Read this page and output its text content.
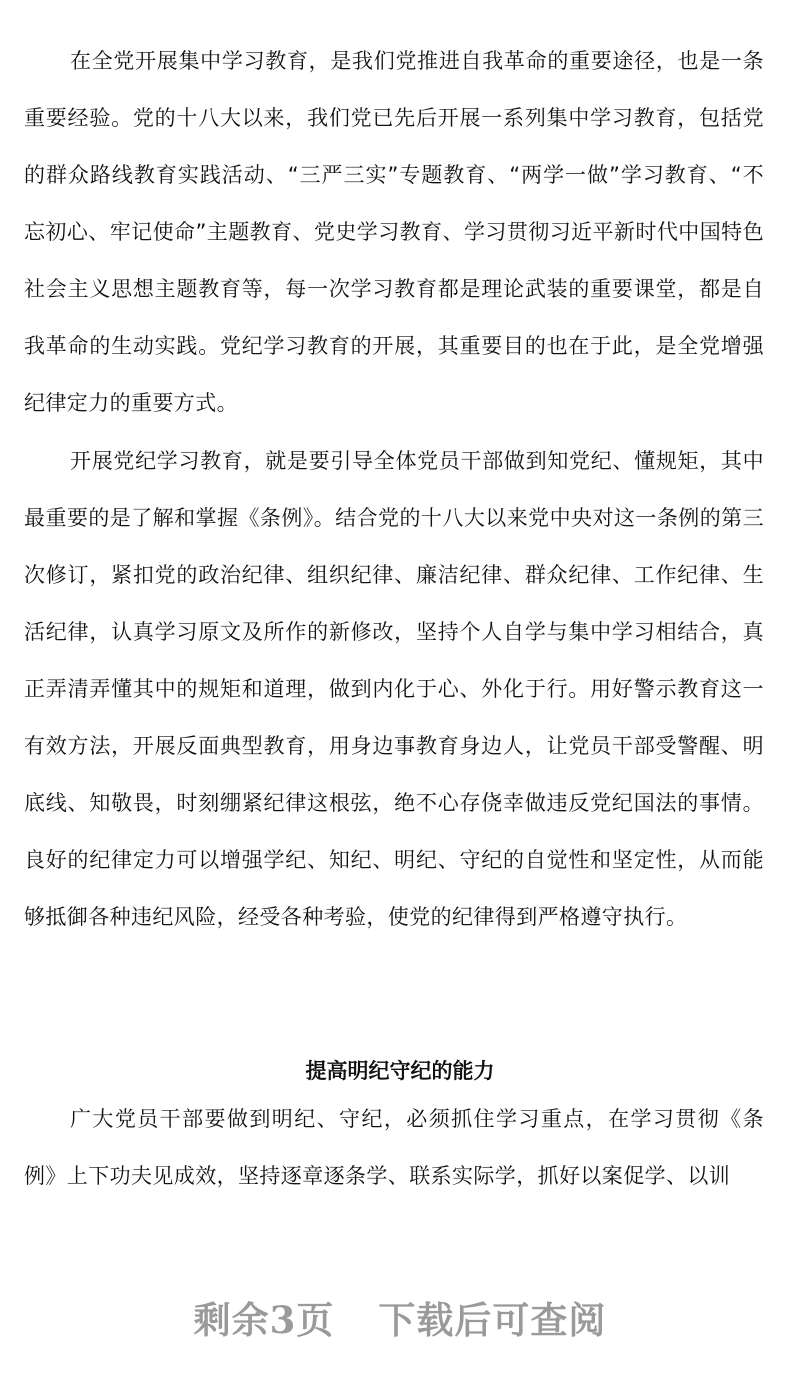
在全党开展集中学习教育，是我们党推进自我革命的重要途径，也是一条重要经验。党的十八大以来，我们党已先后开展一系列集中学习教育，包括党的群众路线教育实践活动、“三严三实”专题教育、“两学一做”学习教育、“不忘初心、牢记使命”主题教育、党史学习教育、学习贯彻习近平新时代中国特色社会主义思想主题教育等，每一次学习教育都是理论武装的重要课堂，都是自我革命的生动实践。党纪学习教育的开展，其重要目的也在于此，是全党增强纪律定力的重要方式。

开展党纪学习教育，就是要引导全体党员干部做到知党纪、懂规矩，其中最重要的是了解和掌握《条例》。结合党的十八大以来党中央对这一条例的第三次修订，紧扣党的政治纪律、组织纪律、廉洁纪律、群众纪律、工作纪律、生活纪律，认真学习原文及所作的新修改，坚持个人自学与集中学习相结合，真正弄清弄懂其中的规矩和道理，做到内化于心、外化于行。用好警示教育这一有效方法，开展反面典型教育，用身边事教育身边人，让党员干部受警醒、明底线、知敬畏，时刻绷紧纪律这根弦，绝不心存侥幸做违反党纪国法的事情。良好的纪律定力可以增强学纪、知纪、明纪、守纪的自觉性和坚定性，从而能够抵御各种违纪风险，经受各种考验，使党的纪律得到严格遵守执行。

提高明纪守纪的能力

广大党员干部要做到明纪、守纪，必须抓住学习重点，在学习贯彻《条例》上下功夫见成效，坚持逐章逐条学、联系实际学，抓好以案促学、以训

剩余3页 下载后可查阅
